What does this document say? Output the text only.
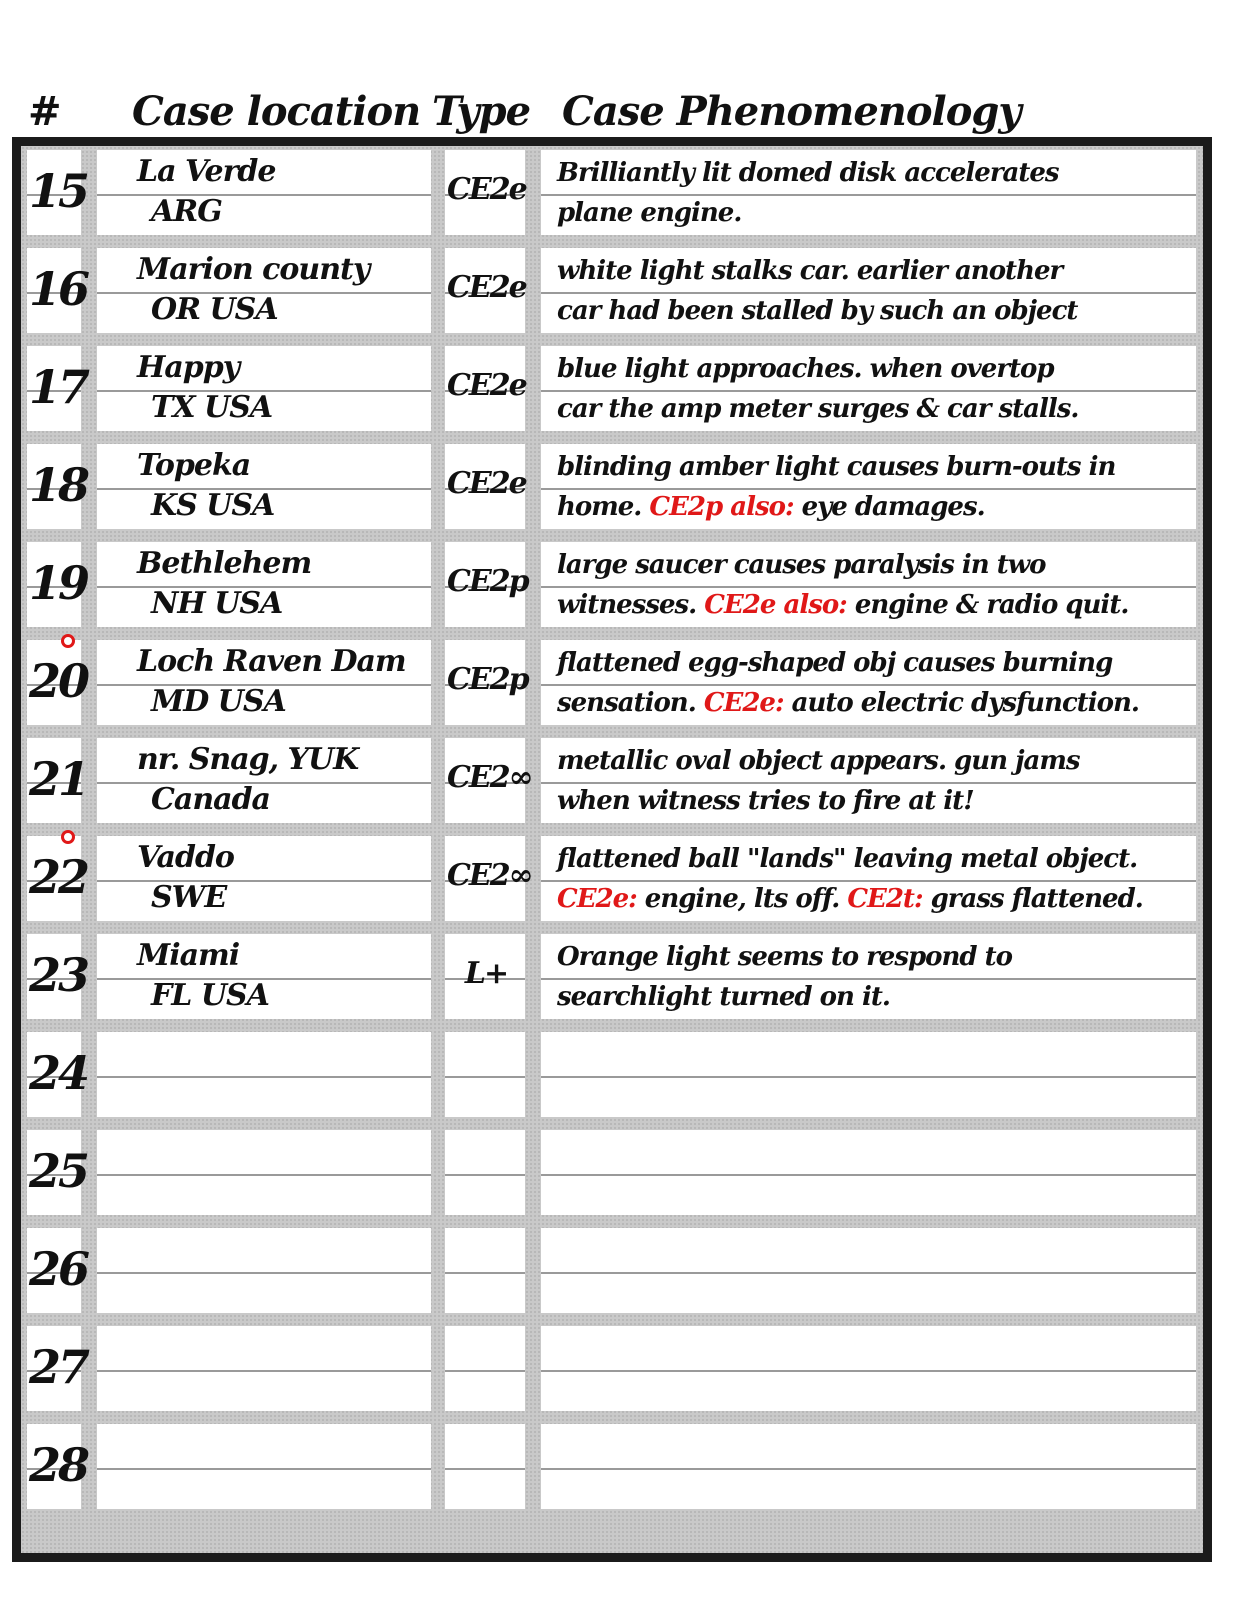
# Case location Type Case Phenomenology
15 La Verde
ARG
CE2e Brilliantly lit domed disk accelerates
plane engine.
16 Marion county
OR USA
CE2e white light stalks car. earlier another
car had been stalled by such an object
17 Happy
TX USA
CE2e blue light approaches. when overtop
car the amp meter surges & car stalls.
18 Topeka
KS USA
CE2e blinding amber light causes burn-outs in
home. CE2p also: eye damages.
19 Bethlehem
NH USA
CE2p large saucer causes paralysis in two
witnesses. CE2e also: engine & radio quit.
20 Loch Raven Dam
MD USA
CE2p flattened egg-shaped obj causes burning
sensation. CE2e: auto electric dysfunction.
21 nr. Snag, YUK
Canada
CE2∞ metallic oval object appears. gun jams
when witness tries to fire at it!
22 Vaddo
SWE
CE2∞ flattened ball "lands" leaving metal object.
CE2e: engine, lts off. CE2t: grass flattened.
23 Miami
FL USA
L+	Orange light seems to respond to
searchlight turned on it.
24
25
26
27
28
